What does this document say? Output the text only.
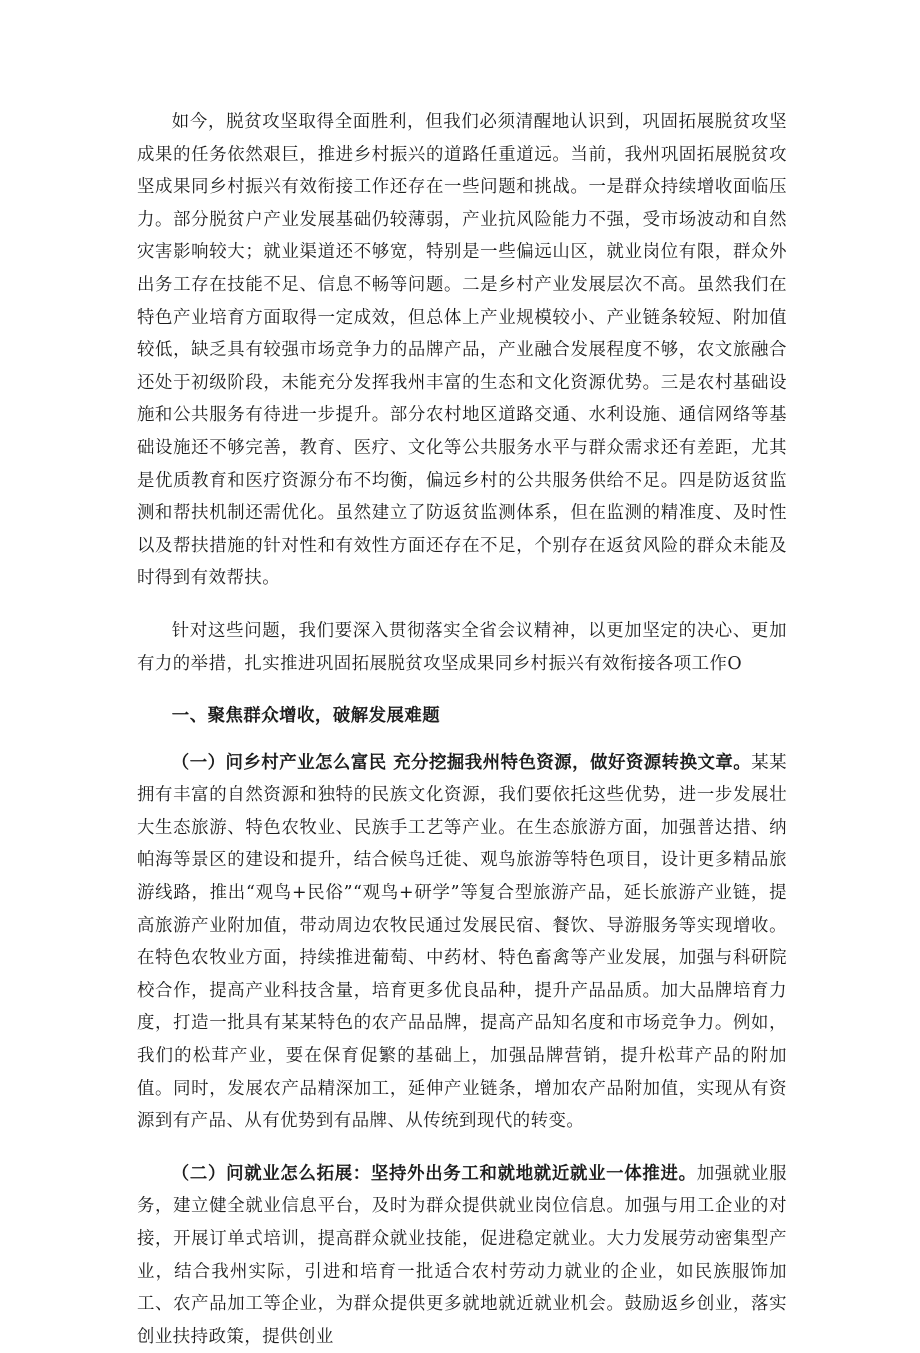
如今，脱贫攻坚取得全面胜利，但我们必须清醒地认识到，巩固拓展脱贫攻坚成果的任务依然艰巨，推进乡村振兴的道路任重道远。当前，我州巩固拓展脱贫攻坚成果同乡村振兴有效衔接工作还存在一些问题和挑战。一是群众持续增收面临压力。部分脱贫户产业发展基础仍较薄弱，产业抗风险能力不强，受市场波动和自然灾害影响较大；就业渠道还不够宽，特别是一些偏远山区，就业岗位有限，群众外出务工存在技能不足、信息不畅等问题。二是乡村产业发展层次不高。虽然我们在特色产业培育方面取得一定成效，但总体上产业规模较小、产业链条较短、附加值较低，缺乏具有较强市场竞争力的品牌产品，产业融合发展程度不够，农文旅融合还处于初级阶段，未能充分发挥我州丰富的生态和文化资源优势。三是农村基础设施和公共服务有待进一步提升。部分农村地区道路交通、水利设施、通信网络等基础设施还不够完善，教育、医疗、文化等公共服务水平与群众需求还有差距，尤其是优质教育和医疗资源分布不均衡，偏远乡村的公共服务供给不足。四是防返贫监测和帮扶机制还需优化。虽然建立了防返贫监测体系，但在监测的精准度、及时性以及帮扶措施的针对性和有效性方面还存在不足，个别存在返贫风险的群众未能及时得到有效帮扶。

针对这些问题，我们要深入贯彻落实全省会议精神，以更加坚定的决心、更加有力的举措，扎实推进巩固拓展脱贫攻坚成果同乡村振兴有效衔接各项工作O

一、聚焦群众增收，破解发展难题

（一）问乡村产业怎么富民 充分挖掘我州特色资源，做好资源转换文章。某某拥有丰富的自然资源和独特的民族文化资源，我们要依托这些优势，进一步发展壮大生态旅游、特色农牧业、民族手工艺等产业。在生态旅游方面，加强普达措、纳帕海等景区的建设和提升，结合候鸟迁徙、观鸟旅游等特色项目，设计更多精品旅游线路，推出“观鸟+民俗”“观鸟+研学”等复合型旅游产品，延长旅游产业链，提高旅游产业附加值，带动周边农牧民通过发展民宿、餐饮、导游服务等实现增收。在特色农牧业方面，持续推进葡萄、中药材、特色畜禽等产业发展，加强与科研院校合作，提高产业科技含量，培育更多优良品种，提升产品品质。加大品牌培育力度，打造一批具有某某特色的农产品品牌，提高产品知名度和市场竞争力。例如，我们的松茸产业，要在保育促繁的基础上，加强品牌营销，提升松茸产品的附加值。同时，发展农产品精深加工，延伸产业链条，增加农产品附加值，实现从有资源到有产品、从有优势到有品牌、从传统到现代的转变。

（二）问就业怎么拓展：坚持外出务工和就地就近就业一体推进。加强就业服务，建立健全就业信息平台，及时为群众提供就业岗位信息。加强与用工企业的对接，开展订单式培训，提高群众就业技能，促进稳定就业。大力发展劳动密集型产业，结合我州实际，引进和培育一批适合农村劳动力就业的企业，如民族服饰加工、农产品加工等企业，为群众提供更多就地就近就业机会。鼓励返乡创业，落实创业扶持政策，提供创业
